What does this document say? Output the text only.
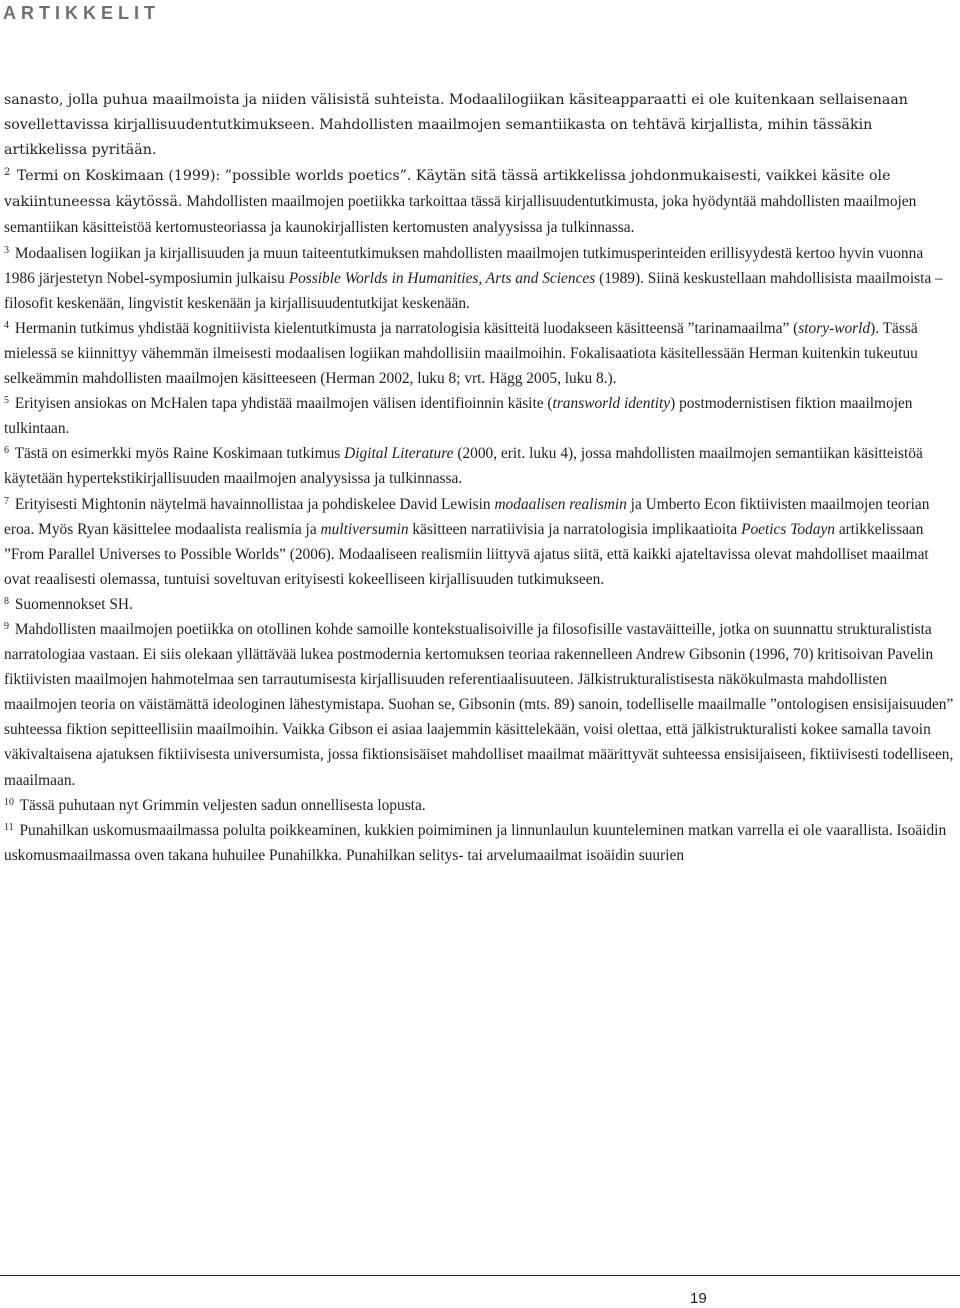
ARTIKKELIT

sanasto, jolla puhua maailmoista ja niiden välisistä suhteista. Modaalilogiikan käsiteapparaatti ei ole kuitenkaan sellaisenaan sovellettavissa kirjallisuudentutkimukseen. Mahdollisten maailmojen semantiikasta on tehtävä kirjallista, mihin tässäkin artikkelissa pyritään.

$^2$ Termi on Koskimaan (1999): ”possible worlds poetics”. Käytän sitä tässä artikkelissa johdonmukaisesti, vaikkei käsite ole vakiintuneessa käytössä. Mahdollisten maailmojen poetiikka tarkoittaa tässä kirjallisuudentutkimusta, joka hyödyntää mahdollisten maailmojen semantiikan käsitteistöä kertomusteoriassa ja kaunokirjallisten kertomusten analyysissa ja tulkinnassa.

$^3$ Modaalisen logiikan ja kirjallisuuden ja muun taiteentutkimuksen mahdollisten maailmojen tutkimusperinteiden erillisyydestä kertoo hyvin vuonna 1986 järjestetyn Nobel-symposiumin julkaisu Possible Worlds in Humanities, Arts and Sciences (1989). Siinä keskustellaan mahdollisista maailmoista – filosofit keskenään, lingvistit keskenään ja kirjallisuudentutkijat keskenään.

$^4$ Hermanin tutkimus yhdistää kognitiivista kielentutkimusta ja narratologisia käsitteitä luodakseen käsitteensä ”tarinamaailma” (story-world). Tässä mielessä se kiinnittyy vähemmän ilmeisesti modaalisen logiikan mahdollisiin maailmoihin. Fokalisaatiota käsitellessään Herman kuitenkin tukeutuu selkeämmin mahdollisten maailmojen käsitteeseen (Herman 2002, luku 8; vrt. Hägg 2005, luku 8.).

$^5$ Erityisen ansiokas on McHalen tapa yhdistää maailmojen välisen identifioinnin käsite (transworld identity) postmodernistisen fiktion maailmojen tulkintaan.

$^6$ Tästä on esimerkki myös Raine Koskimaan tutkimus Digital Literature (2000, erit. luku 4), jossa mahdollisten maailmojen semantiikan käsitteistöä käytetään hypertekstikirjallisuuden maailmojen analyysissa ja tulkinnassa.

$^7$ Erityisesti Mightonin näytelmä havainnollistaa ja pohdiskelee David Lewisin modaalisen realismin ja Umberto Econ fiktiivisten maailmojen teorian eroa. Myös Ryan käsittelee modaalista realismia ja multiversumin käsitteen narratiivisia ja narratologisia implikaatioita Poetics Todayn artikkelissaan ”From Parallel Universes to Possible Worlds” (2006). Modaaliseen realismiin liittyvä ajatus siitä, että kaikki ajateltavissa olevat mahdolliset maailmat ovat reaalisesti olemassa, tuntuisi soveltuvan erityisesti kokeelliseen kirjallisuuden tutkimukseen.

$^8$ Suomennokset SH.

$^9$ Mahdollisten maailmojen poetiikka on otollinen kohde samoille kontekstualisoiville ja filosofisille vastaväitteille, jotka on suunnattu strukturalistista narratologiaa vastaan. Ei siis olekaan yllättävää lukea postmodernia kertomuksen teoriaa rakennelleen Andrew Gibsonin (1996, 70) kritisoivan Pavelin fiktiivisten maailmojen hahmotelmaa sen tarrautumisesta kirjallisuuden referentiaalisuuteen. Jälkistrukturalistisesta näkökulmasta mahdollisten maailmojen teoria on väistämättä ideologinen lähestymistapa. Suohan se, Gibsonin (mts. 89) sanoin, todelliselle maailmalle ”ontologisen ensisijaisuuden” suhteessa fiktion sepitteellisiin maailmoihin. Vaikka Gibson ei asiaa laajemmin käsittelekään, voisi olettaa, että jälkistrukturalisti kokee samalla tavoin väkivaltaisena ajatuksen fiktiivisesta universumista, jossa fiktionsisäiset mahdolliset maailmat määrittyvät suhteessa ensisijaiseen, fiktiivisesti todelliseen, maailmaan.

$^{10}$ Tässä puhutaan nyt Grimmin veljesten sadun onnellisesta lopusta.

$^{11}$ Punahilkan uskomusmaailmassa polulta poikkeaminen, kukkien poimiminen ja linnunlaulun kuunteleminen matkan varrella ei ole vaarallista. Isoäidin uskomusmaailmassa oven takana huhuilee Punahilkka. Punahilkan selitys- tai arvelumaailmat isoäidin suurien

19
